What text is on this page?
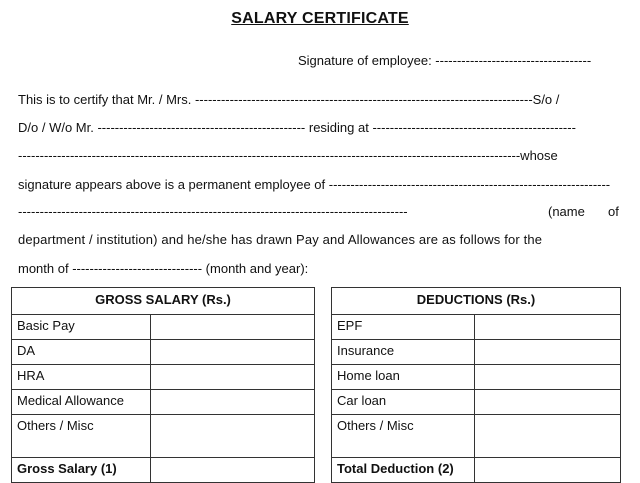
SALARY CERTIFICATE
Signature of employee: ------------------------------------
This is to certify that Mr. / Mrs. ------------------------------------------------------------------------------S/o /
D/o / W/o Mr. ------------------------------------------------ residing at -----------------------------------------------
--------------------------------------------------------------------------------------------------------------------whose
signature appears above is a permanent employee of -----------------------------------------------------------------
------------------------------------------------------------------------------------------	(name of
department / institution) and he/she has drawn Pay and Allowances are as follows for the
month of ------------------------------ (month and year):
GROSS SALARY (Rs.)	
Basic Pay	
DA	
HRA	
Medical Allowance	
Others / Misc	
Gross Salary (1)	
DEDUCTIONS (Rs.)	
EPF	
Insurance	
Home loan	
Car loan	
Others / Misc	
Total Deduction (2)	
